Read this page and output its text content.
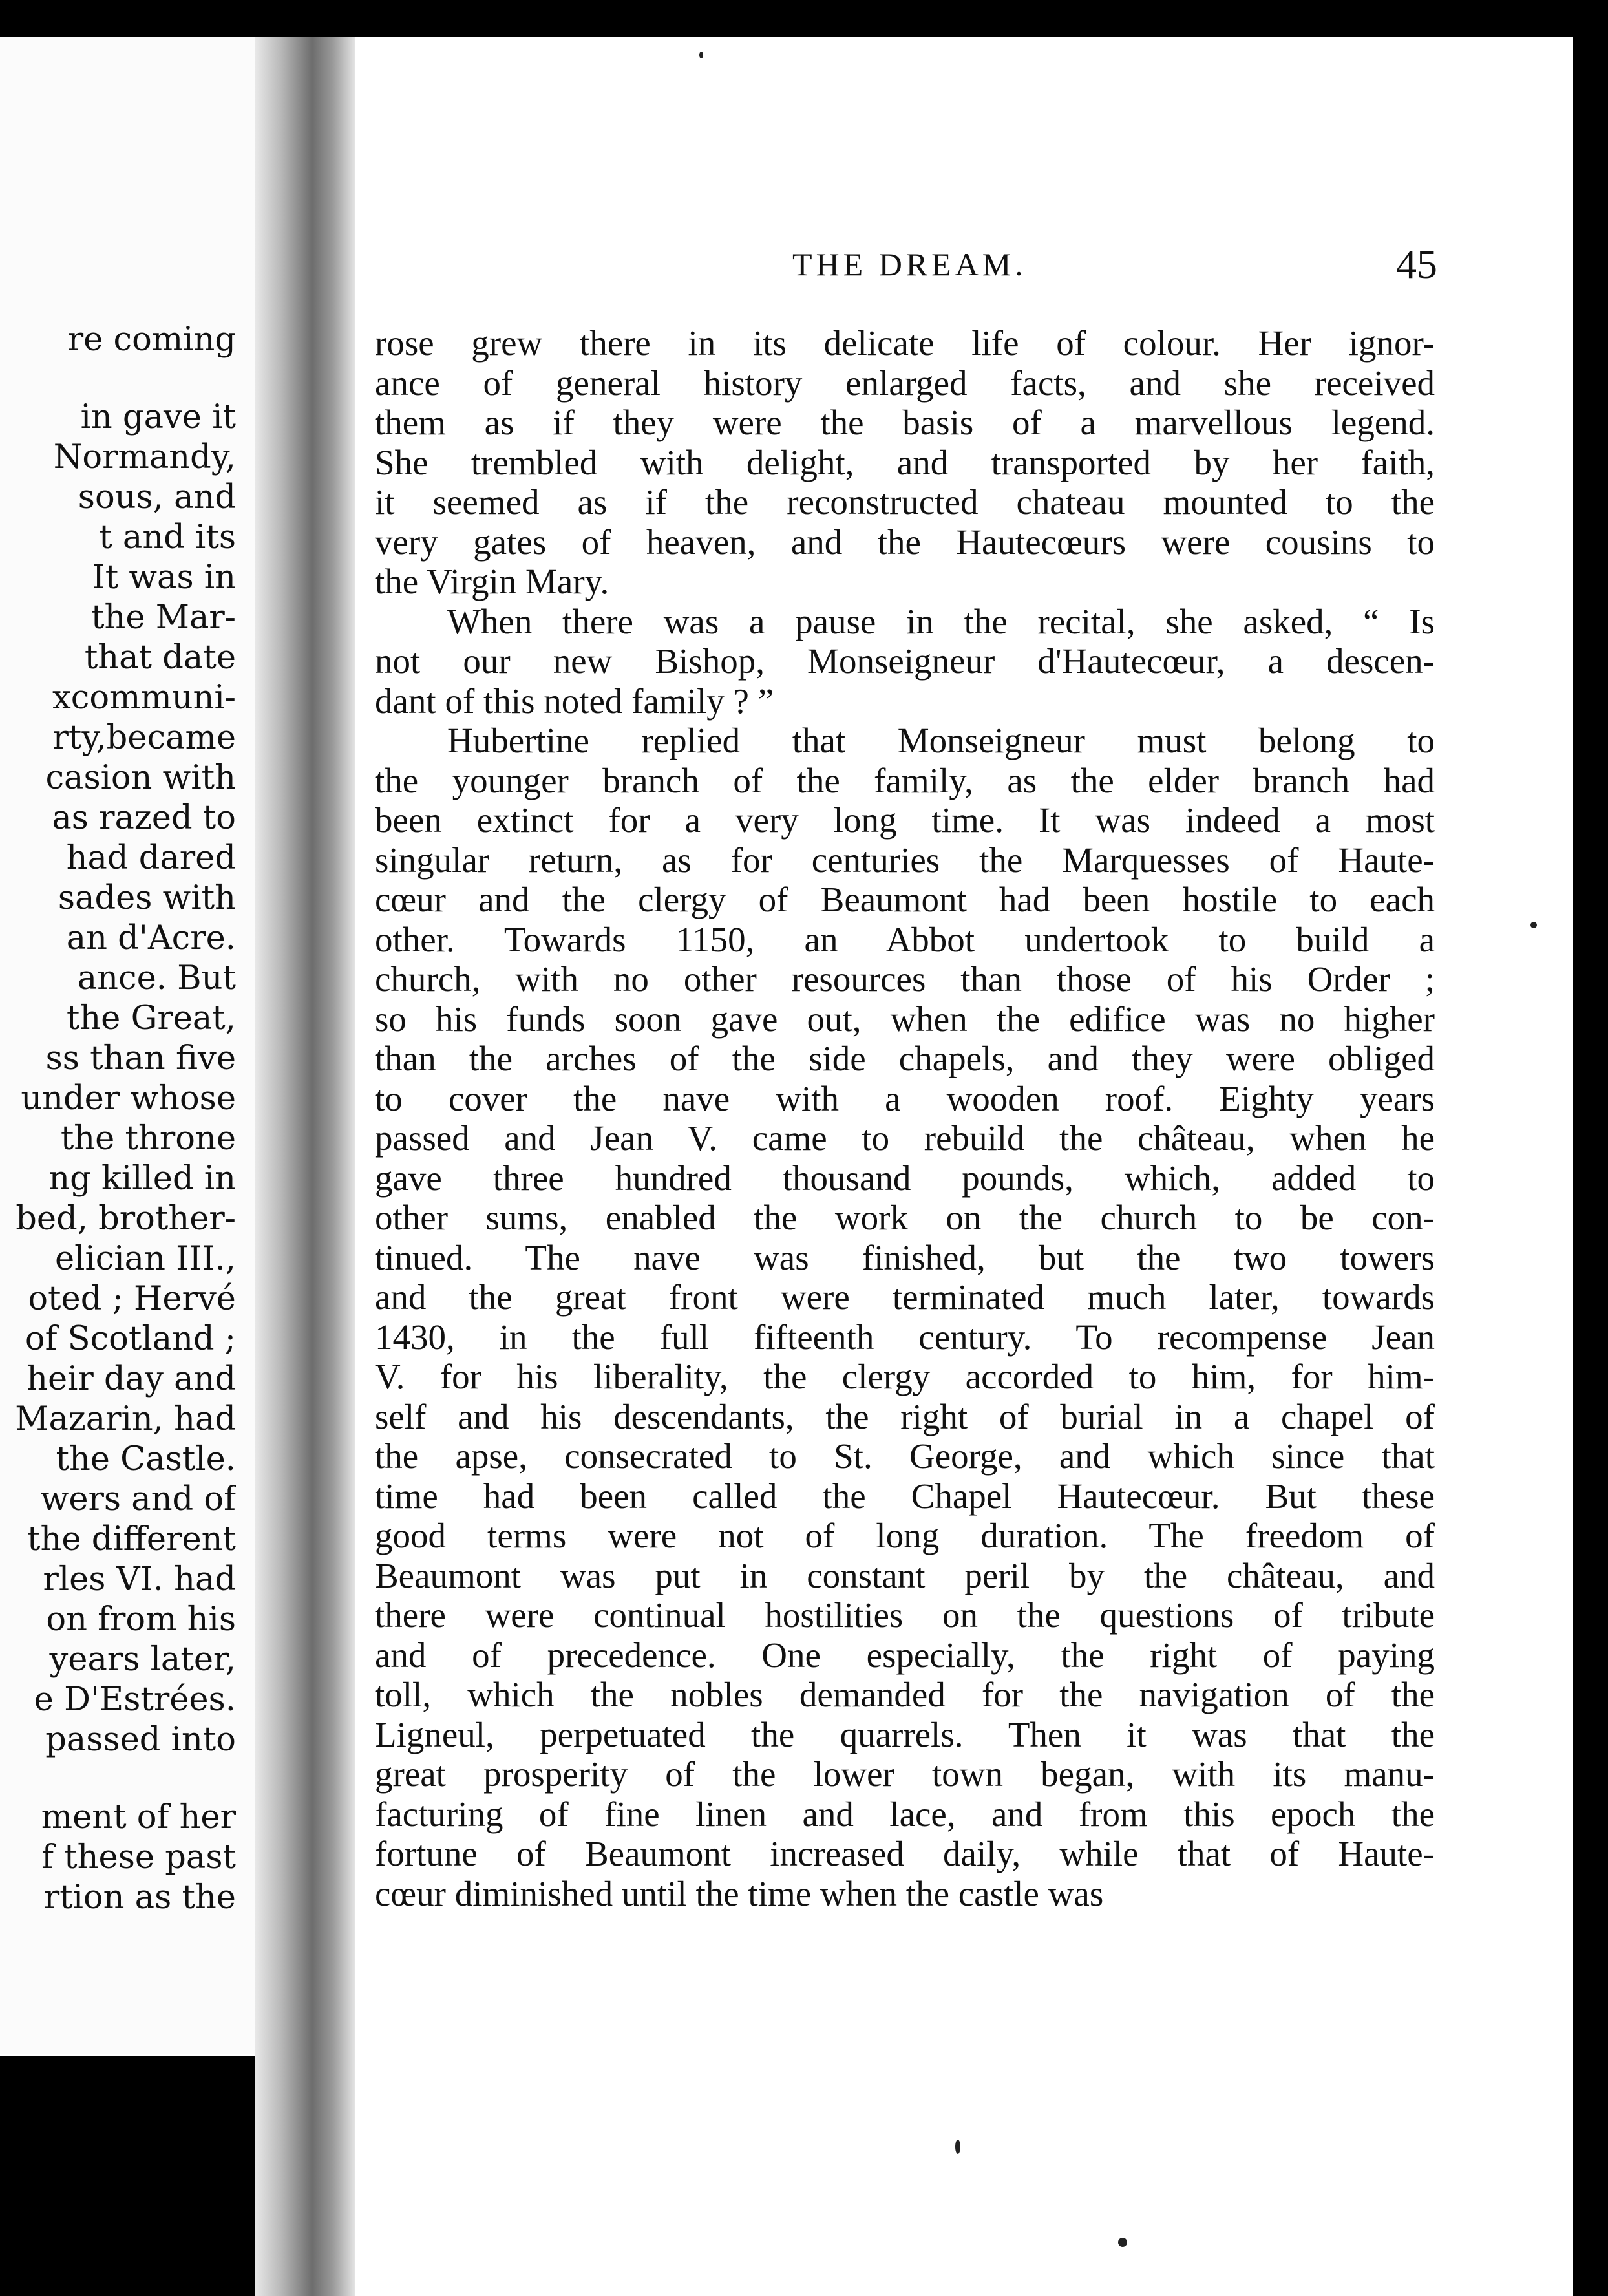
re coming
in gave it
Normandy,
sous, and
t and its
It was in
the Mar-
that date
xcommuni-
rty,became
casion with
as razed to
had dared
sades with
an d'Acre.
ance. But
the Great,
ss than five
under whose
the throne
ng killed in
bed, brother-
elician III.,
oted ; Hervé
of Scotland ;
heir day and
Mazarin, had
the Castle.
wers and of
the different
rles VI. had
on from his
years later,
e D'Estrées.
passed into
ment of her
f these past
rtion as the
THE DREAM.	45
rose grew there in its delicate life of colour. Her ignor-
ance of general history enlarged facts, and she received
them as if they were the basis of a marvellous legend.
She trembled with delight, and transported by her faith,
it seemed as if the reconstructed chateau mounted to the
very gates of heaven, and the Hautecœurs were cousins to
the Virgin Mary.
When there was a pause in the recital, she asked, “ Is
not our new Bishop, Monseigneur d'Hautecœur, a descen-
dant of this noted family ? ”
Hubertine replied that Monseigneur must belong to
the younger branch of the family, as the elder branch had
been extinct for a very long time. It was indeed a most
singular return, as for centuries the Marquesses of Haute-
cœur and the clergy of Beaumont had been hostile to each
other. Towards 1150, an Abbot undertook to build a
church, with no other resources than those of his Order ;
so his funds soon gave out, when the edifice was no higher
than the arches of the side chapels, and they were obliged
to cover the nave with a wooden roof. Eighty years
passed and Jean V. came to rebuild the château, when he
gave three hundred thousand pounds, which, added to
other sums, enabled the work on the church to be con-
tinued. The nave was finished, but the two towers
and the great front were terminated much later, towards
1430, in the full fifteenth century. To recompense Jean
V. for his liberality, the clergy accorded to him, for him-
self and his descendants, the right of burial in a chapel of
the apse, consecrated to St. George, and which since that
time had been called the Chapel Hautecœur. But these
good terms were not of long duration. The freedom of
Beaumont was put in constant peril by the château, and
there were continual hostilities on the questions of tribute
and of precedence. One especially, the right of paying
toll, which the nobles demanded for the navigation of the
Ligneul, perpetuated the quarrels. Then it was that the
great prosperity of the lower town began, with its manu-
facturing of fine linen and lace, and from this epoch the
fortune of Beaumont increased daily, while that of Haute-
cœur diminished until the time when the castle was
